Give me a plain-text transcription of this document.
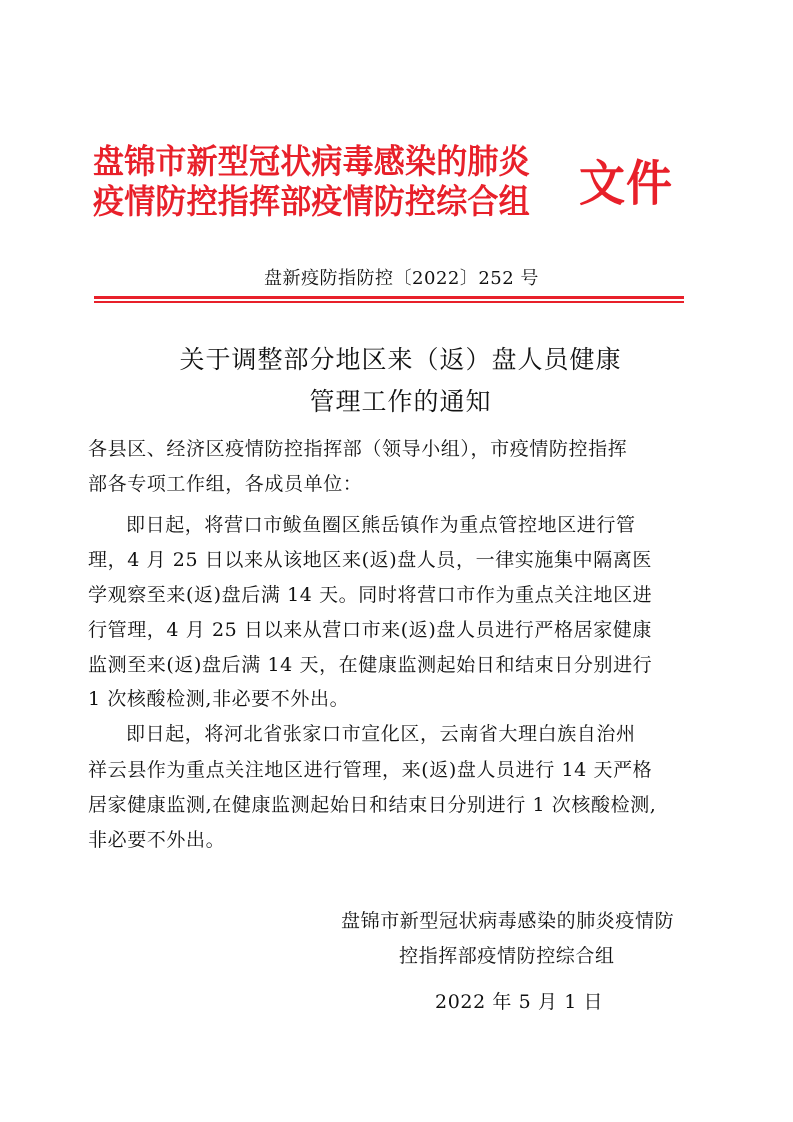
盘锦市新型冠状病毒感染的肺炎
疫情防控指挥部疫情防控综合组 文件
盘新疫防指防控〔2022〕252 号
关于调整部分地区来（返）盘人员健康
管理工作的通知
各县区、经济区疫情防控指挥部（领导小组），市疫情防控指挥
部各专项工作组，各成员单位：
即日起，将营口市鲅鱼圈区熊岳镇作为重点管控地区进行管
理，4 月 25 日以来从该地区来(返)盘人员，一律实施集中隔离医
学观察至来(返)盘后满 14 天。同时将营口市作为重点关注地区进
行管理，4 月 25 日以来从营口市来(返)盘人员进行严格居家健康
监测至来(返)盘后满 14 天，在健康监测起始日和结束日分别进行
1 次核酸检测,非必要不外出。
即日起，将河北省张家口市宣化区，云南省大理白族自治州
祥云县作为重点关注地区进行管理，来(返)盘人员进行 14 天严格
居家健康监测,在健康监测起始日和结束日分别进行 1 次核酸检测,
非必要不外出。
盘锦市新型冠状病毒感染的肺炎疫情防
控指挥部疫情防控综合组
2022 年 5 月 1 日
